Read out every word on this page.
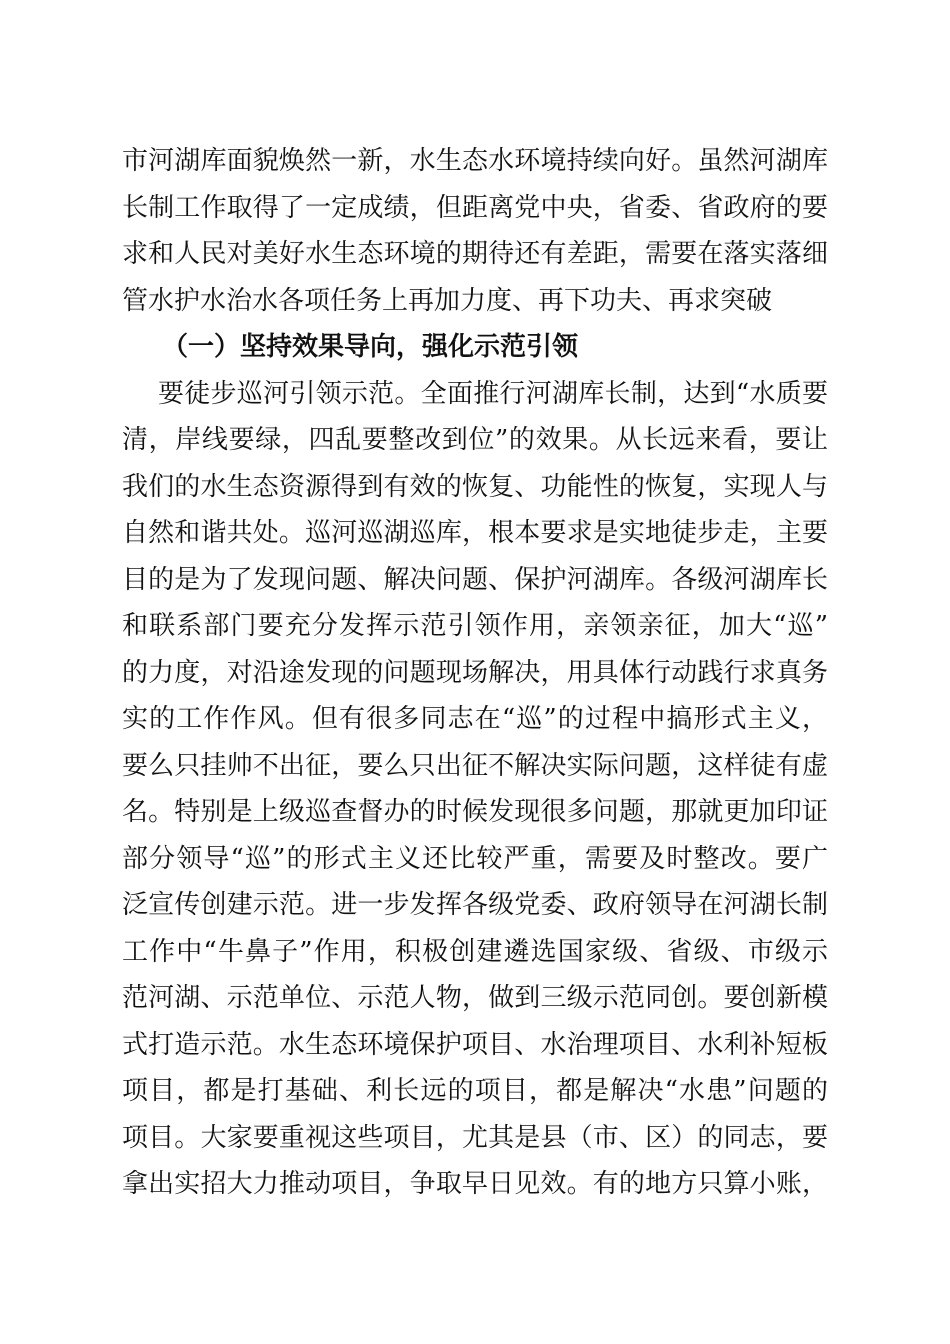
市河湖库面貌焕然一新，水生态水环境持续向好。虽然河湖库
长制工作取得了一定成绩，但距离党中央，省委、省政府的要
求和人民对美好水生态环境的期待还有差距，需要在落实落细
管水护水治水各项任务上再加力度、再下功夫、再求突破
（一）坚持效果导向，强化示范引领
要徒步巡河引领示范。全面推行河湖库长制，达到“水质要
清，岸线要绿，四乱要整改到位”的效果。从长远来看，要让
我们的水生态资源得到有效的恢复、功能性的恢复，实现人与
自然和谐共处。巡河巡湖巡库，根本要求是实地徒步走，主要
目的是为了发现问题、解决问题、保护河湖库。各级河湖库长
和联系部门要充分发挥示范引领作用，亲领亲征，加大“巡”
的力度，对沿途发现的问题现场解决，用具体行动践行求真务
实的工作作风。但有很多同志在“巡”的过程中搞形式主义，
要么只挂帅不出征，要么只出征不解决实际问题，这样徒有虚
名。特别是上级巡查督办的时候发现很多问题，那就更加印证
部分领导“巡”的形式主义还比较严重，需要及时整改。要广
泛宣传创建示范。进一步发挥各级党委、政府领导在河湖长制
工作中“牛鼻子”作用，积极创建遴选国家级、省级、市级示
范河湖、示范单位、示范人物，做到三级示范同创。要创新模
式打造示范。水生态环境保护项目、水治理项目、水利补短板
项目，都是打基础、利长远的项目，都是解决“水患”问题的
项目。大家要重视这些项目，尤其是县（市、区）的同志，要
拿出实招大力推动项目，争取早日见效。有的地方只算小账，
